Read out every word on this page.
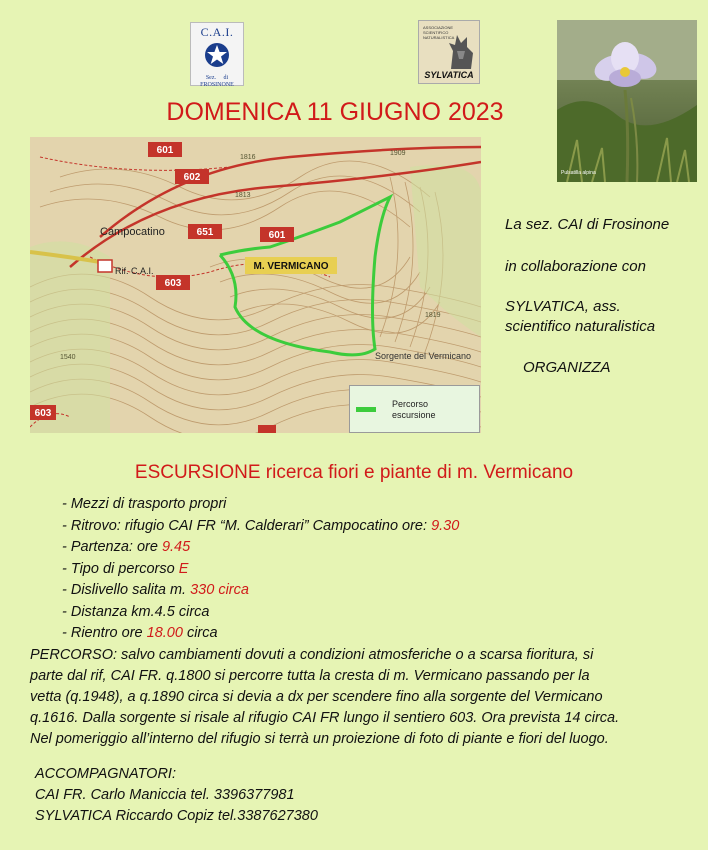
C.A.I.
Sez. di
FROSINONE
ASSOCIAZIONE SCIENTIFICO NATURALISTICA
SYLVATICA
Pulsatilla alpina
DOMENICA 11 GIUGNO 2023
601
602
651	601
603
603
M. VERMICANO
Campocatino
Rif. C.A.I.
Sorgente del Vermicano
1816
1909
1813
1819
1540
Percorso
escursione
La sez. CAI di Frosinone
in collaborazione con
SYLVATICA, ass.
scientifico naturalistica
ORGANIZZA
ESCURSIONE ricerca fiori e piante di m. Vermicano
- Mezzi di trasporto propri
- Ritrovo: rifugio CAI FR “M. Calderari” Campocatino ore: 9.30
- Partenza: ore 9.45
- Tipo di percorso E
- Dislivello salita m. 330 circa
- Distanza km.4.5 circa
- Rientro ore 18.00 circa
PERCORSO: salvo cambiamenti dovuti a condizioni atmosferiche o a scarsa fioritura, si
parte dal rif, CAI FR. q.1800 si percorre tutta la cresta di m. Vermicano passando per la
vetta (q.1948), a q.1890 circa si devia a dx per scendere fino alla sorgente del Vermicano
q.1616. Dalla sorgente si risale al rifugio CAI FR lungo il sentiero 603. Ora prevista 14 circa.
Nel pomeriggio all’interno del rifugio si terrà un proiezione di foto di piante e fiori del luogo.
ACCOMPAGNATORI:
CAI FR. Carlo Maniccia tel. 3396377981
SYLVATICA Riccardo Copiz tel.3387627380
